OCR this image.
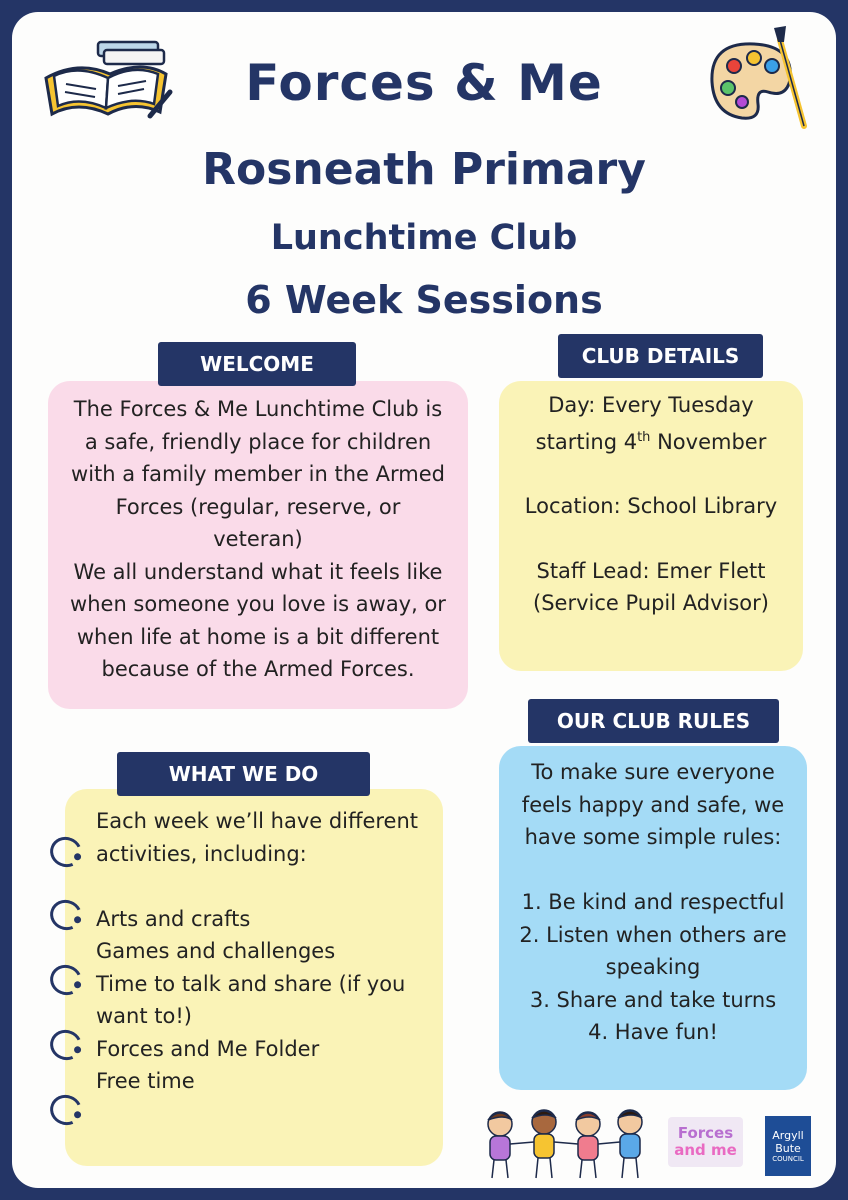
Forces & Me
Rosneath Primary
Lunchtime Club
6 Week Sessions
WELCOME
The Forces & Me Lunchtime Club is
a safe, friendly place for children
with a family member in the Armed
Forces (regular, reserve, or
veteran)
We all understand what it feels like
when someone you love is away, or
when life at home is a bit different
because of the Armed Forces.
CLUB DETAILS

Day: Every Tuesday

starting 4th November

Location: School Library

Staff Lead: Emer Flett

(Service Pupil Advisor)

OUR CLUB RULES

To make sure everyone

feels happy and safe, we

have some simple rules:

1. Be kind and respectful

2. Listen when others are

speaking

3. Share and take turns

4. Have fun!

WHAT WE DO

Each week we’ll have different

activities, including:

Arts and crafts

Games and challenges

Time to talk and share (if you

want to!)

Forces and Me Folder

Free time

Forces
and me
Argyll
Bute
COUNCIL
